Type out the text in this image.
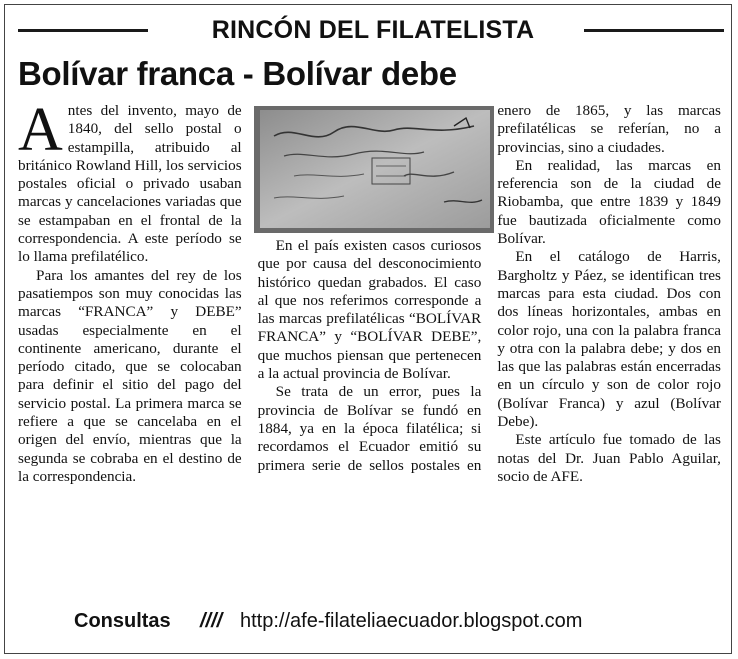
RINCÓN DEL FILATELISTA
Bolívar franca - Bolívar debe

Antes del invento, mayo de 1840, del sello postal o estampilla, atribuido al británico Rowland Hill, los servicios postales oficial o privado usaban marcas y cancelaciones variadas que se estampaban en el frontal de la correspondencia. A este período se lo llama prefilatélico.

Para los amantes del rey de los pasatiempos son muy conocidas las marcas “FRANCA” y DEBE” usadas especialmente en el continente americano, durante el período citado, que se colocaban para definir el sitio del pago del servicio postal. La primera marca se refiere a que se cancelaba en el origen del envío, mientras que la segunda se cobraba en el destino de la correspondencia.

En el país existen casos curiosos que por causa del desconocimiento histórico quedan grabados. El caso al que nos referimos corresponde a las marcas prefilatélicas “BOLÍVAR FRANCA” y “BOLÍVAR DEBE”, que muchos piensan que pertenecen a la actual provincia de Bolívar.

Se trata de un error, pues la provincia de Bolívar se fundó en 1884, ya en la época filatélica; si recordamos el Ecuador emitió su primera serie de sellos postales en enero de 1865, y las marcas prefilatélicas se referían, no a provincias, sino a ciudades.

En realidad, las marcas en referencia son de la ciudad de Riobamba, que entre 1839 y 1849 fue bautizada oficialmente como Bolívar.

En el catálogo de Harris, Bargholtz y Páez, se identifican tres marcas para esta ciudad. Dos con dos líneas horizontales, ambas en color rojo, una con la palabra franca y otra con la palabra debe; y dos en las que las palabras están encerradas en un círculo y son de color rojo (Bolívar Franca) y azul (Bolívar Debe).

Este artículo fue tomado de las notas del Dr. Juan Pablo Aguilar, socio de AFE.

Consultas //// http://afe-filateliaecuador.blogspot.com
